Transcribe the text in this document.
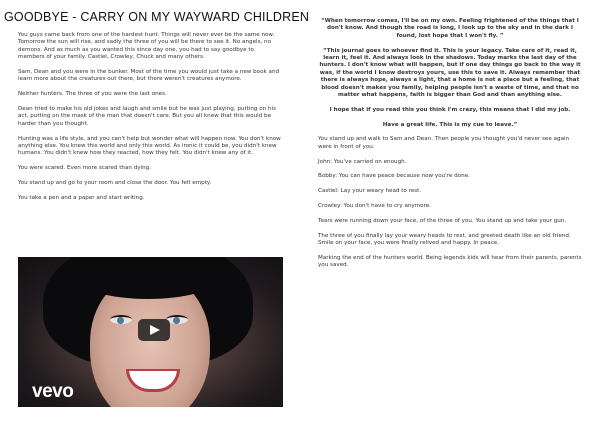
GOODBYE - CARRY ON MY WAYWARD CHILDREN

You guys came back from one of the hardest hunt. Things will never ever be the same now. Tomorrow the sun will rise, and sadly the three of you will be there to see it. No angels, no demons. And as much as you wanted this since day one, you had to say goodbye to members of your family. Castiel, Crowley, Chuck and many others.

Sam, Dean and you were in the bunker. Most of the time you would just take a new book and learn more about the creatures out there, but there weren't creatures anymore.

Neither hunters. The three of you were the last ones.

Dean tried to make his old jokes and laugh and smile but he was just playing, putting on his act, putting on the mask of the man that doesn't care. But you all knew that this would be harder than you thought.

Hunting was a life style, and you can't help but wonder what will happen now. You don't know anything else. You knew this world and only this world. As ironic it could be, you didn't knew humans. You didn't knew how they reacted, how they felt. You didn't knew any of it.

You were scared. Even more scared than dying.

You stand up and go to your room and close the door. You felt empty.

You take a pen and a paper and start writing.

vevo

“When tomorrow comes, I'll be on my own. Feeling frightened of the things that I don't know. And though the road is long, I look up to the sky and in the dark I found, lost hope that I won't fly. ”

“This journal goes to whoever find it. This is your legacy. Take care of it, read it, learn it, feel it. And always look in the shadows. Today marks the last day of the hunters. I don't know what will happen, but if one day things go back to the way it was, if the world I know destroys yours, use this to save it. Always remember that there is always hope, always a light, that a home is not a place but a feeling, that blood doesn't makes you family, helping people isn't a waste of time, and that no matter what happens, faith is bigger than God and than anything else.

I hope that if you read this you think I'm crazy, this means that I did my job.

Have a great life. This is my cue to leave.”

You stand up and walk to Sam and Dean. Then people you thought you'd never see again were in front of you.

John: You've carried on enough.

Bobby: You can have peace because now you're done.

Castiel: Lay your weary head to rest.

Crowley: You don't have to cry anymore.

Tears were running down your face, of the three of you. You stand up and take your gun.

The three of you finally lay your weary heads to rest, and greeted death like an old friend. Smile on your face, you were finally relived and happy. In peace.

Marking the end of the hunters world. Being legends kids will hear from their parents, parents you saved.
